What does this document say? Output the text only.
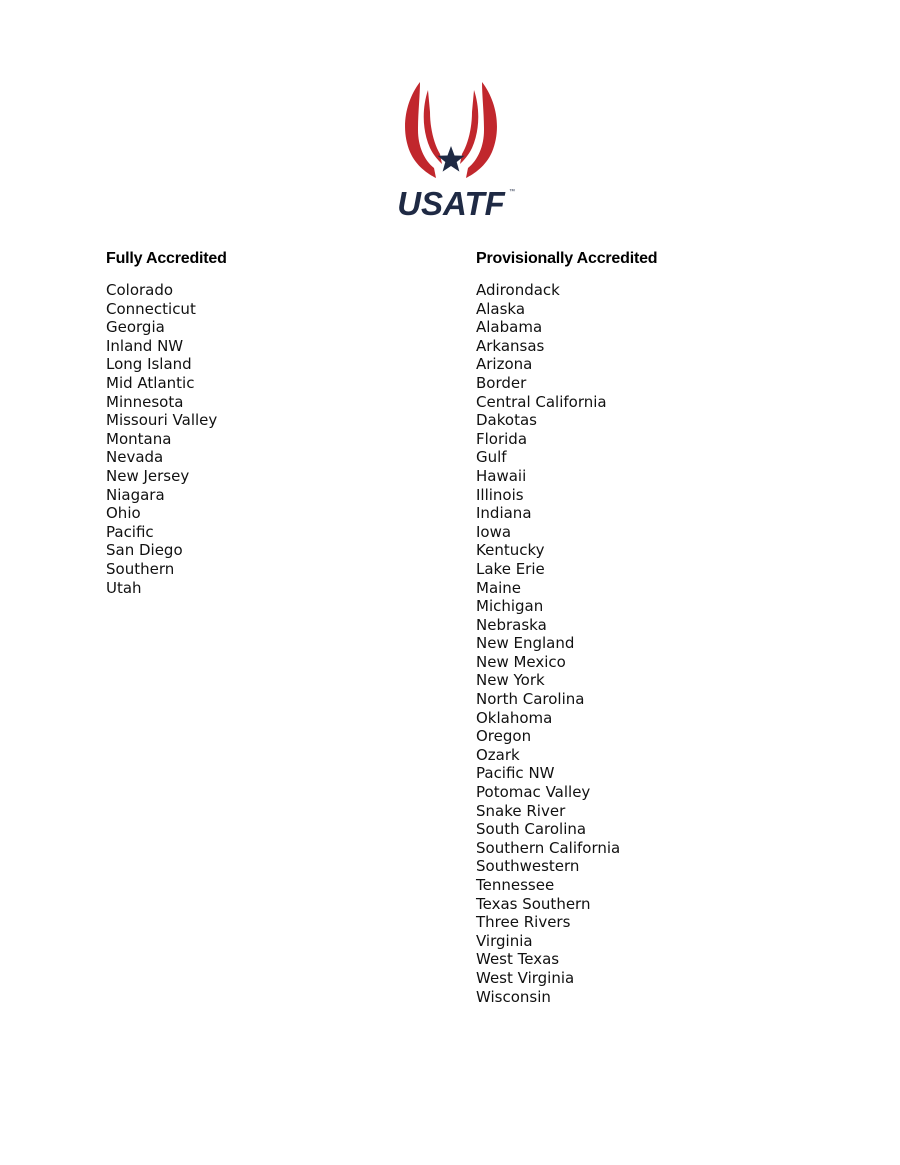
USATF ™
Fully Accredited
Colorado
Connecticut
Georgia
Inland NW
Long Island
Mid Atlantic
Minnesota
Missouri Valley
Montana
Nevada
New Jersey
Niagara
Ohio
Pacific
San Diego
Southern
Utah
Provisionally Accredited
Adirondack
Alaska
Alabama
Arkansas
Arizona
Border
Central California
Dakotas
Florida
Gulf
Hawaii
Illinois
Indiana
Iowa
Kentucky
Lake Erie
Maine
Michigan
Nebraska
New England
New Mexico
New York
North Carolina
Oklahoma
Oregon
Ozark
Pacific NW
Potomac Valley
Snake River
South Carolina
Southern California
Southwestern
Tennessee
Texas Southern
Three Rivers
Virginia
West Texas
West Virginia
Wisconsin
